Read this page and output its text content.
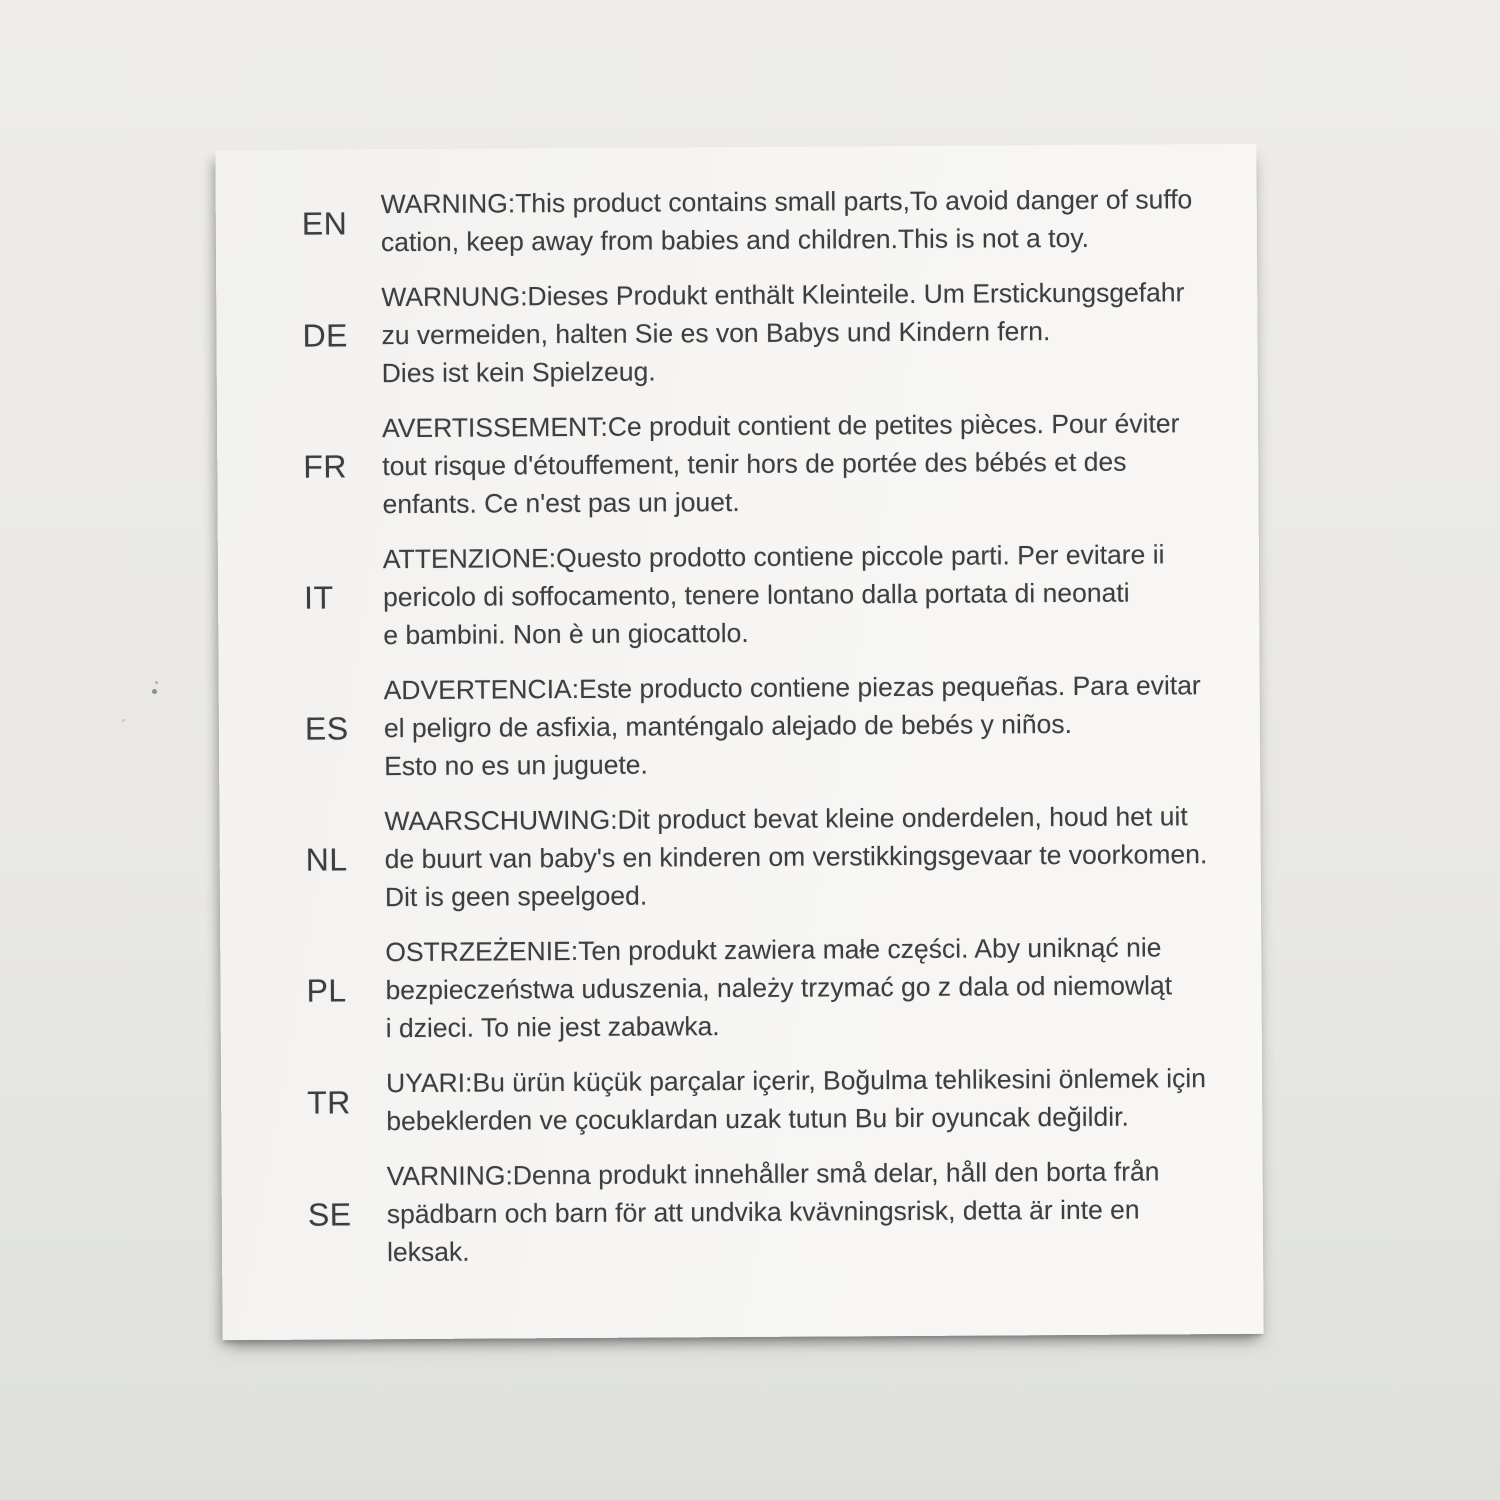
EN
WARNING:This product contains small parts,To avoid danger of suffo
cation, keep away from babies and children.This is not a toy.
DE
WARNUNG:Dieses Produkt enthält Kleinteile. Um Erstickungsgefahr
zu vermeiden, halten Sie es von Babys und Kindern fern.
Dies ist kein Spielzeug.
FR
AVERTISSEMENT:Ce produit contient de petites pièces. Pour éviter
tout risque d'étouffement, tenir hors de portée des bébés et des
enfants. Ce n'est pas un jouet.
IT
ATTENZIONE:Questo prodotto contiene piccole parti. Per evitare ii
pericolo di soffocamento, tenere lontano dalla portata di neonati
e bambini. Non è un giocattolo.
ES
ADVERTENCIA:Este producto contiene piezas pequeñas. Para evitar
el peligro de asfixia, manténgalo alejado de bebés y niños.
Esto no es un juguete.
NL
WAARSCHUWING:Dit product bevat kleine onderdelen, houd het uit
de buurt van baby's en kinderen om verstikkingsgevaar te voorkomen.
Dit is geen speelgoed.
PL
OSTRZEŻENIE:Ten produkt zawiera małe części. Aby uniknąć nie
bezpieczeństwa uduszenia, należy trzymać go z dala od niemowląt
i dzieci. To nie jest zabawka.
TR
UYARI:Bu ürün küçük parçalar içerir, Boğulma tehlikesini önlemek için
bebeklerden ve çocuklardan uzak tutun Bu bir oyuncak değildir.
SE
VARNING:Denna produkt innehåller små delar, håll den borta från
spädbarn och barn för att undvika kvävningsrisk, detta är inte en
leksak.
